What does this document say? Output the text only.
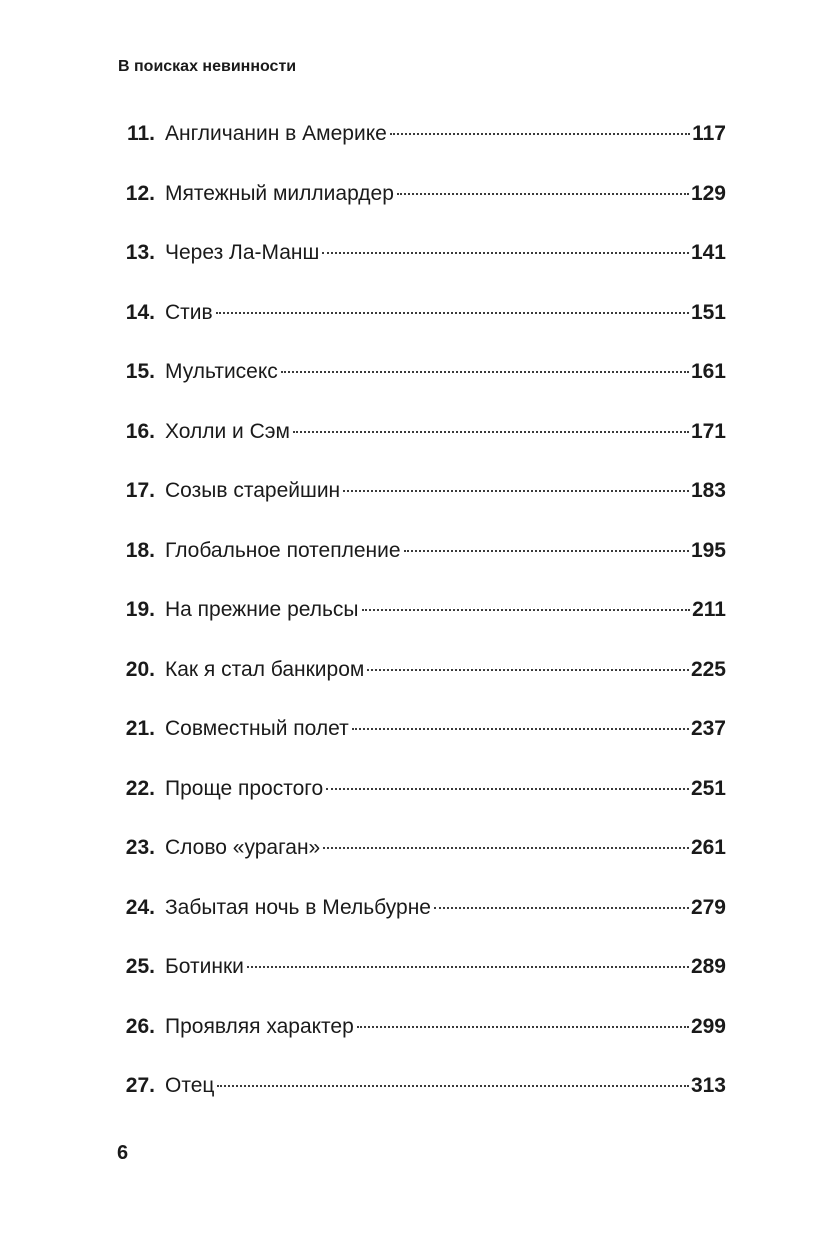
В поисках невинности
11. Англичанин в Америке	117
12. Мятежный миллиардер	129
13. Через Ла-Манш	141
14. Стив	151
15. Мультисекс	161
16. Холли и Сэм	171
17. Созыв старейшин	183
18. Глобальное потепление	195
19. На прежние рельсы	211
20. Как я стал банкиром	225
21. Совместный полет	237
22. Проще простого	251
23. Слово «ураган»	261
24. Забытая ночь в Мельбурне	279
25. Ботинки	289
26. Проявляя характер	299
27. Отец	313
6
